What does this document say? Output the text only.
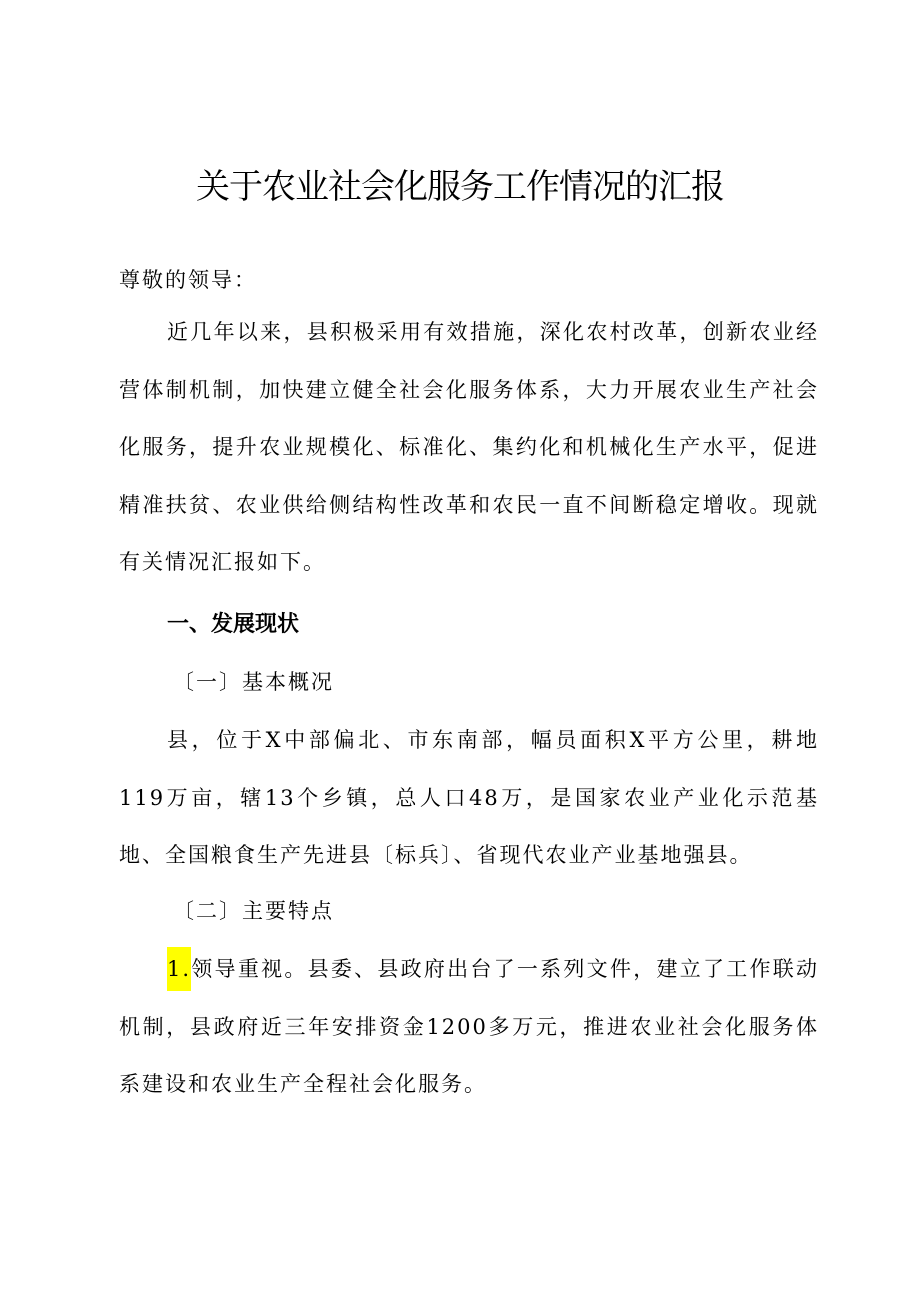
关于农业社会化服务工作情况的汇报
尊敬的领导：
近几年以来，县积极采用有效措施，深化农村改革，创新农业经营体制机制，加快建立健全社会化服务体系，大力开展农业生产社会化服务，提升农业规模化、标准化、集约化和机械化生产水平，促进精准扶贫、农业供给侧结构性改革和农民一直不间断稳定增收。现就有关情况汇报如下。
一、发展现状
〔一〕基本概况
县，位于X中部偏北、市东南部，幅员面积X平方公里，耕地119万亩，辖13个乡镇，总人口48万，是国家农业产业化示范基地、全国粮食生产先进县〔标兵〕、省现代农业产业基地强县。
〔二〕主要特点
1.领导重视。县委、县政府出台了一系列文件，建立了工作联动机制，县政府近三年安排资金1200多万元，推进农业社会化服务体系建设和农业生产全程社会化服务。
